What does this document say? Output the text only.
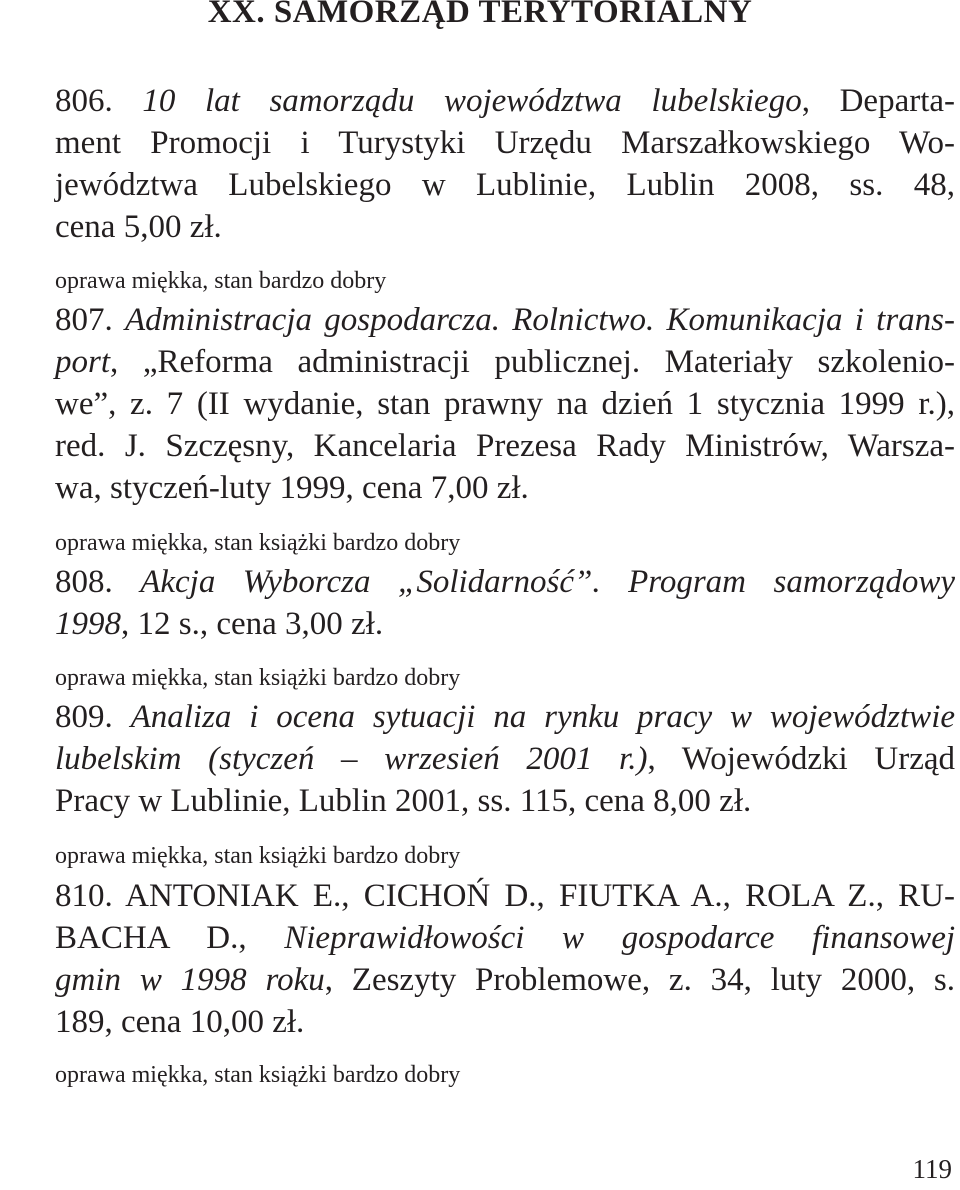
XX. SAMORZĄD TERYTORIALNY
806. 10 lat samorządu województwa lubelskiego, Departa-
ment Promocji i Turystyki Urzędu Marszałkowskiego Wo-
jewództwa Lubelskiego w Lublinie, Lublin 2008, ss. 48,
cena 5,00 zł.
oprawa miękka, stan bardzo dobry
807. Administracja gospodarcza. Rolnictwo. Komunikacja i trans-
port, „Reforma administracji publicznej. Materiały szkolenio-
we”, z. 7 (II wydanie, stan prawny na dzień 1 stycznia 1999 r.),
red. J. Szczęsny, Kancelaria Prezesa Rady Ministrów, Warsza-
wa, styczeń-luty 1999, cena 7,00 zł.
oprawa miękka, stan książki bardzo dobry
808. Akcja Wyborcza „Solidarność”. Program samorządowy
1998, 12 s., cena 3,00 zł.
oprawa miękka, stan książki bardzo dobry
809. Analiza i ocena sytuacji na rynku pracy w województwie
lubelskim (styczeń – wrzesień 2001 r.), Wojewódzki Urząd
Pracy w Lublinie, Lublin 2001, ss. 115, cena 8,00 zł.
oprawa miękka, stan książki bardzo dobry
810. ANTONIAK E., CICHOŃ D., FIUTKA A., ROLA Z., RU-
BACHA D., Nieprawidłowości w gospodarce finansowej
gmin w 1998 roku, Zeszyty Problemowe, z. 34, luty 2000, s.
189, cena 10,00 zł.
oprawa miękka, stan książki bardzo dobry
119
